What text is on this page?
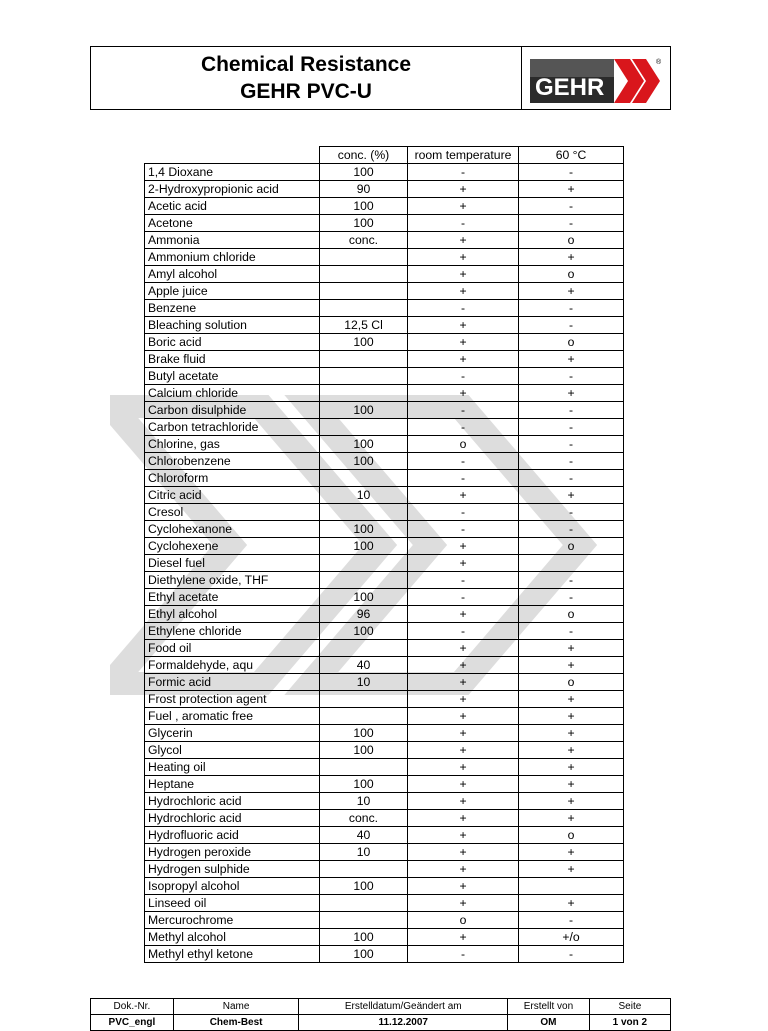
Chemical Resistance
GEHR PVC-U	GEHR
®
	conc. (%)	room temperature	60 °C
1,4 Dioxane	100	-	-
2-Hydroxypropionic acid	90	+	+
Acetic acid	100	+	-
Acetone	100	-	-
Ammonia	conc.	+	o
Ammonium chloride		+	+
Amyl alcohol		+	o
Apple juice		+	+
Benzene		-	-
Bleaching solution	12,5 Cl	+	-
Boric acid	100	+	o
Brake fluid		+	+
Butyl acetate		-	-
Calcium chloride		+	+
Carbon disulphide	100	-	-
Carbon tetrachloride		-	-
Chlorine, gas	100	o	-
Chlorobenzene	100	-	-
Chloroform		-	-
Citric acid	10	+	+
Cresol		-	-
Cyclohexanone	100	-	-
Cyclohexene	100	+	o
Diesel fuel		+	
Diethylene oxide, THF		-	-
Ethyl acetate	100	-	-
Ethyl alcohol	96	+	o
Ethylene chloride	100	-	-
Food oil		+	+
Formaldehyde, aqu	40	+	+
Formic acid	10	+	o
Frost protection agent		+	+
Fuel , aromatic free		+	+
Glycerin	100	+	+
Glycol	100	+	+
Heating oil		+	+
Heptane	100	+	+
Hydrochloric acid	10	+	+
Hydrochloric acid	conc.	+	+
Hydrofluoric acid	40	+	o
Hydrogen peroxide	10	+	+
Hydrogen sulphide		+	+
Isopropyl alcohol	100	+	
Linseed oil		+	+
Mercurochrome		o	-
Methyl alcohol	100	+	+/o
Methyl ethyl ketone	100	-	-
Dok.-Nr.	Name	Erstelldatum/Geändert am	Erstellt von	Seite
PVC_engl	Chem-Best	11.12.2007	OM	1 von 2
